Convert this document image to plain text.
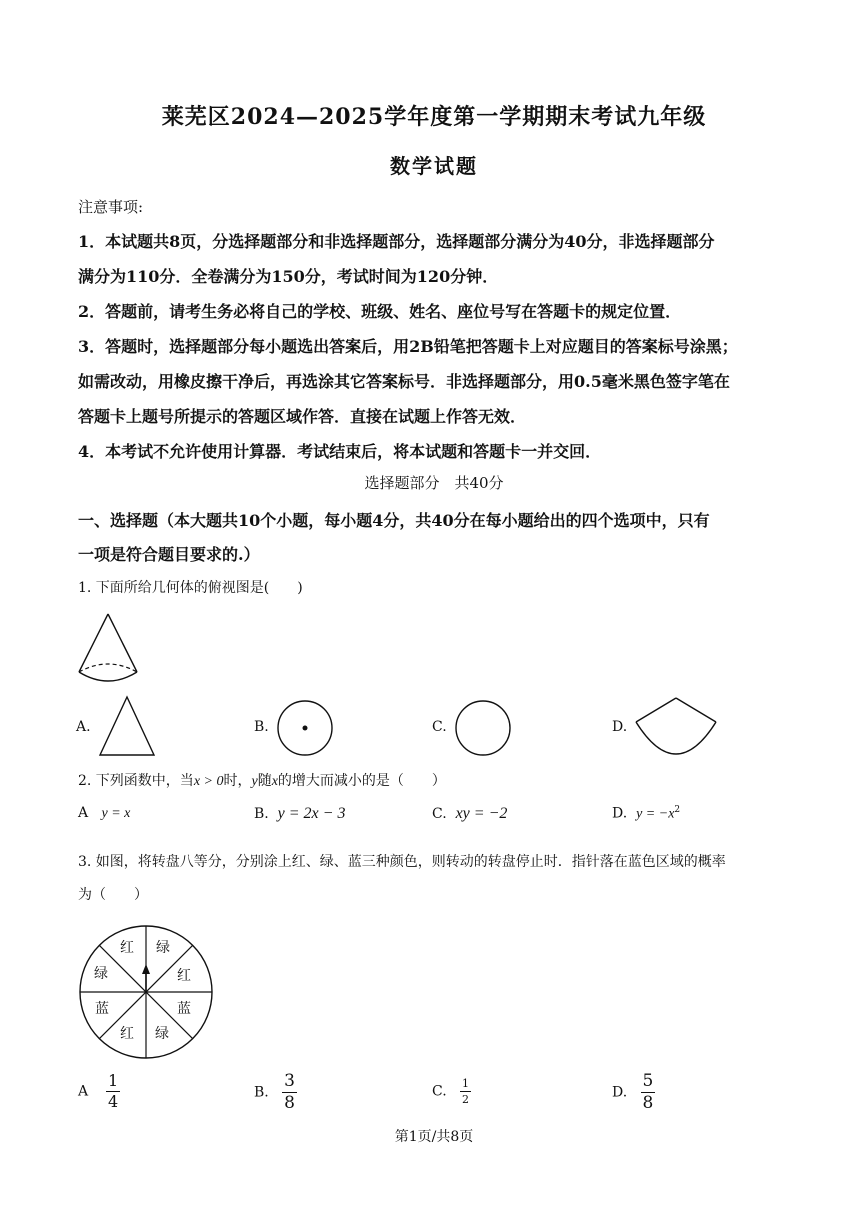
莱芜区2024—2025学年度第一学期期末考试九年级
数学试题
注意事项:
1．本试题共8页，分选择题部分和非选择题部分，选择题部分满分为40分，非选择题部分
满分为110分．全卷满分为150分，考试时间为120分钟．
2．答题前，请考生务必将自己的学校、班级、姓名、座位号写在答题卡的规定位置．
3．答题时，选择题部分每小题选出答案后，用2B铅笔把答题卡上对应题目的答案标号涂黑；
如需改动，用橡皮擦干净后，再选涂其它答案标号．非选择题部分，用0.5毫米黑色签字笔在
答题卡上题号所提示的答题区域作答．直接在试题上作答无效．
4．本考试不允许使用计算器．考试结束后，将本试题和答题卡一并交回．
选择题部分　共40分
一、选择题（本大题共10个小题，每小题4分，共40分在每小题给出的四个选项中，只有
一项是符合题目要求的.）
1. 下面所给几何体的俯视图是(　　)
A.	B.	C.	D.
2. 下列函数中，当x > 0时，y随x的增大而减小的是（　　）
A y = x	B. y = 2x − 3	C. xy = −2	D. $y = -x^2$
3. 如图，将转盘八等分，分别涂上红、绿、蓝三种颜色，则转动的转盘停止时．指针落在蓝色区域的概率
为（　　）
红 绿
绿	红
蓝	蓝
红 绿
A $\frac{1}{4}$	B. $\frac{3}{8}$	C. $\frac{1}{2}$	D. $\frac{5}{8}$
第1页/共8页
